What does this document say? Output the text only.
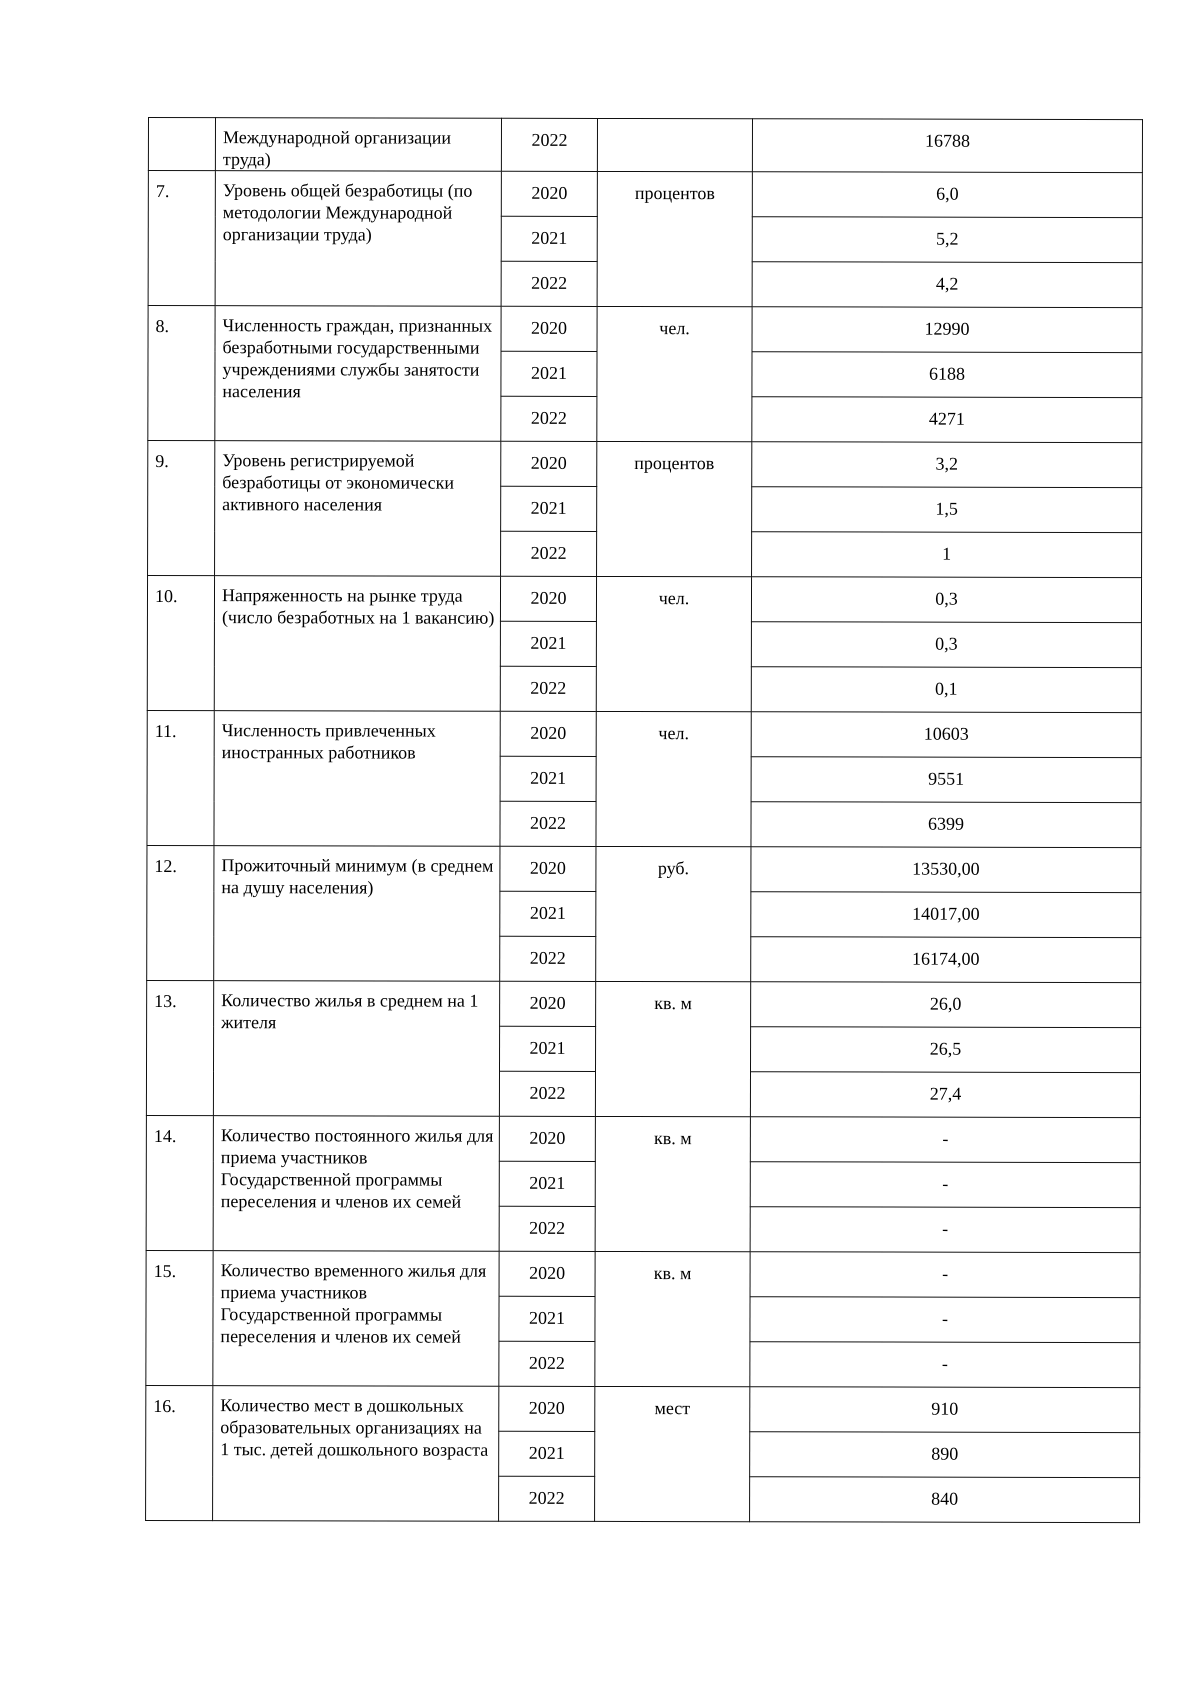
	Международной организации труда)	2022		16788
7.	Уровень общей безработицы (по методологии Международной организации труда)	2020	процентов	6,0
		2021		5,2
		2022		4,2
8.	Численность граждан, признанных безработными государственными учреждениями службы занятости населения	2020	чел.	12990
		2021		6188
		2022		4271
9.	Уровень регистрируемой безработицы от экономически активного населения	2020	процентов	3,2
		2021		1,5
		2022		1
10.	Напряженность на рынке труда (число безработных на 1 вакансию)	2020	чел.	0,3
		2021		0,3
		2022		0,1
11.	Численность привлеченных иностранных работников	2020	чел.	10603
		2021		9551
		2022		6399
12.	Прожиточный минимум (в среднем на душу населения)	2020	руб.	13530,00
		2021		14017,00
		2022		16174,00
13.	Количество жилья в среднем на 1 жителя	2020	кв. м	26,0
		2021		26,5
		2022		27,4
14.	Количество постоянного жилья для приема участников Государственной программы переселения и членов их семей	2020	кв. м	-
		2021		-
		2022		-
15.	Количество временного жилья для приема участников Государственной программы переселения и членов их семей	2020	кв. м	-
		2021		-
		2022		-
16.	Количество мест в дошкольных образовательных организациях на 1 тыс. детей дошкольного возраста	2020	мест	910
		2021		890
		2022		840
